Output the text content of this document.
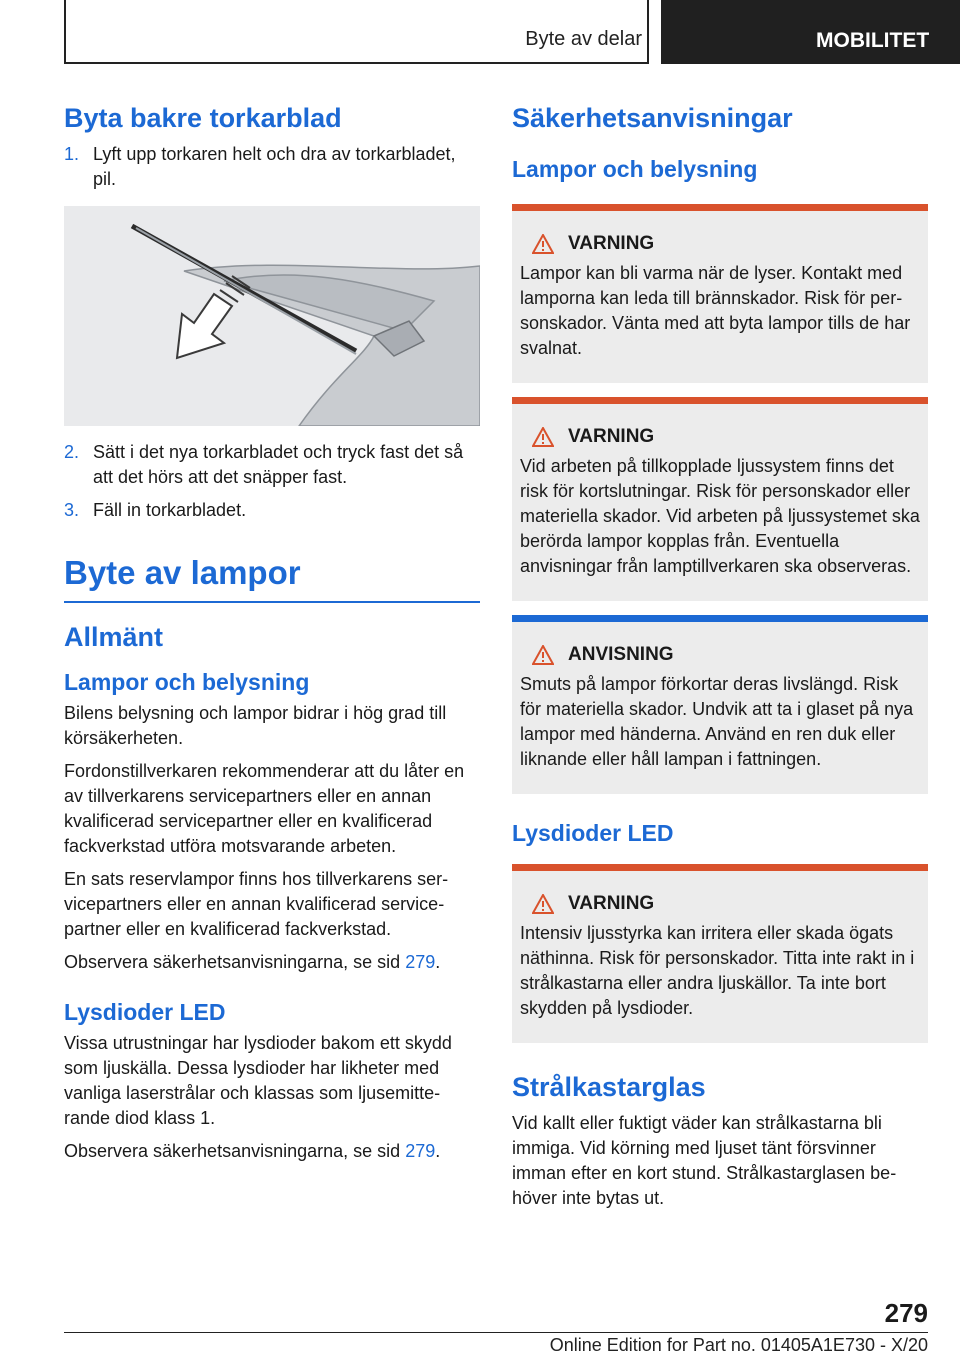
Byte av delar	MOBILITET
Byta bakre torkarblad
1. Lyft upp torkaren helt och dra av torkarbladet, pil.
2. Sätt i det nya torkarbladet och tryck fast det så att det hörs att det snäpper fast.
3. Fäll in torkarbladet.
Byte av lampor
Allmänt
Lampor och belysning

Bilens belysning och lampor bidrar i hög grad till körsäkerheten.

Fordonstillverkaren rekommenderar att du låter en av tillverkarens servicepartners eller en annan kvalificerad servicepartner eller en kvalificerad fackverkstad utföra motsvarande arbeten.

En sats reservlampor finns hos tillverkarens servicepartners eller en annan kvalificerad servicepartner eller en kvalificerad fackverkstad.

Observera säkerhetsanvisningarna, se sid 279.

Lysdioder LED

Vissa utrustningar har lysdioder bakom ett skydd som ljuskälla. Dessa lysdioder har likheter med vanliga laserstrålar och klassas som ljusemitterande diod klass 1.

Observera säkerhetsanvisningarna, se sid 279.

Säkerhetsanvisningar
Lampor och belysning
VARNING

Lampor kan bli varma när de lyser. Kontakt med lamporna kan leda till brännskador. Risk för personskador. Vänta med att byta lampor tills de har svalnat.

VARNING

Vid arbeten på tillkopplade ljussystem finns det risk för kortslutningar. Risk för personskador eller materiella skador. Vid arbeten på ljussystemet ska berörda lampor kopplas från. Eventuella anvisningar från lamptillverkaren ska observeras.

ANVISNING

Smuts på lampor förkortar deras livslängd. Risk för materiella skador. Undvik att ta i glaset på nya lampor med händerna. Använd en ren duk eller liknande eller håll lampan i fattningen.

Lysdioder LED
VARNING

Intensiv ljusstyrka kan irritera eller skada ögats näthinna. Risk för personskador. Titta inte rakt in i strålkastarna eller andra ljuskällor. Ta inte bort skydden på lysdioder.

Strålkastarglas

Vid kallt eller fuktigt väder kan strålkastarna bli immiga. Vid körning med ljuset tänt försvinner imman efter en kort stund. Strålkastarglasen behöver inte bytas ut.

279
Online Edition for Part no. 01405A1E730 - X/20
